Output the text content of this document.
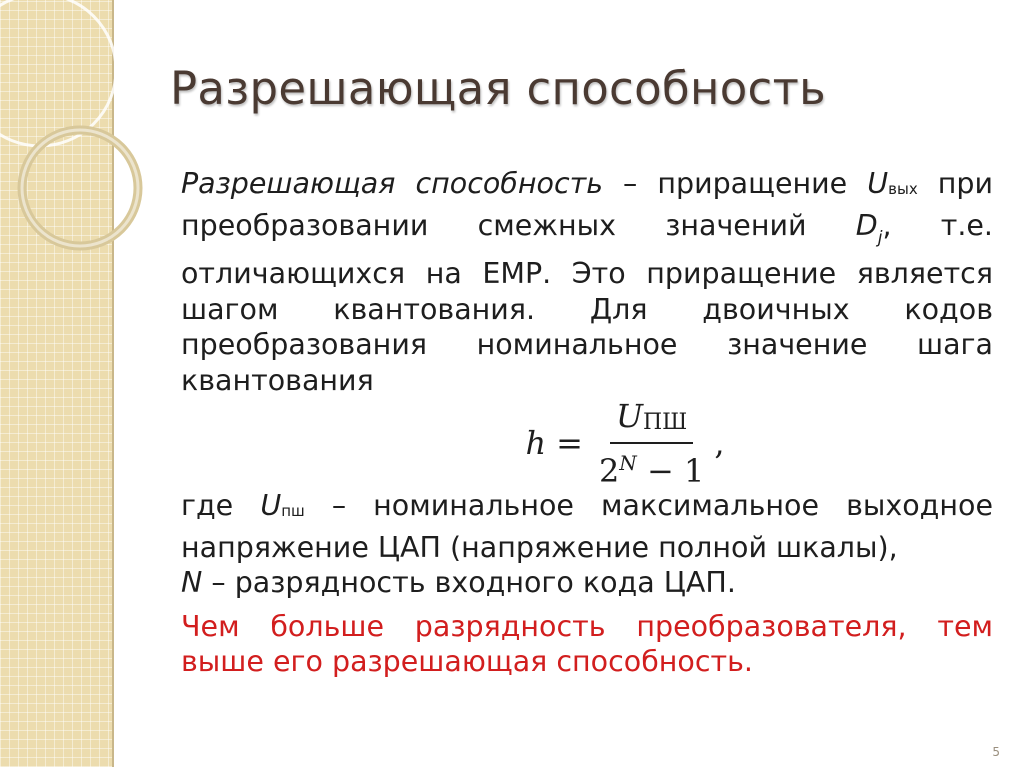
Разрешающая способность
Разрешающая способность – приращение Uвых при преобразовании смежных значений $D_j$, т.е. отличающихся на ЕМР. Это приращение является шагом квантования. Для двоичных кодов преобразования номинальное значение шага квантования
$h = \frac{\text{UПШ}}{2^N - 1}$ ,
где Uпш – номинальное максимальное выходное напряжение ЦАП (напряжение полной шкалы),
N – разрядность входного кода ЦАП.
Чем больше разрядность преобразователя, тем выше его разрешающая способность.
5
